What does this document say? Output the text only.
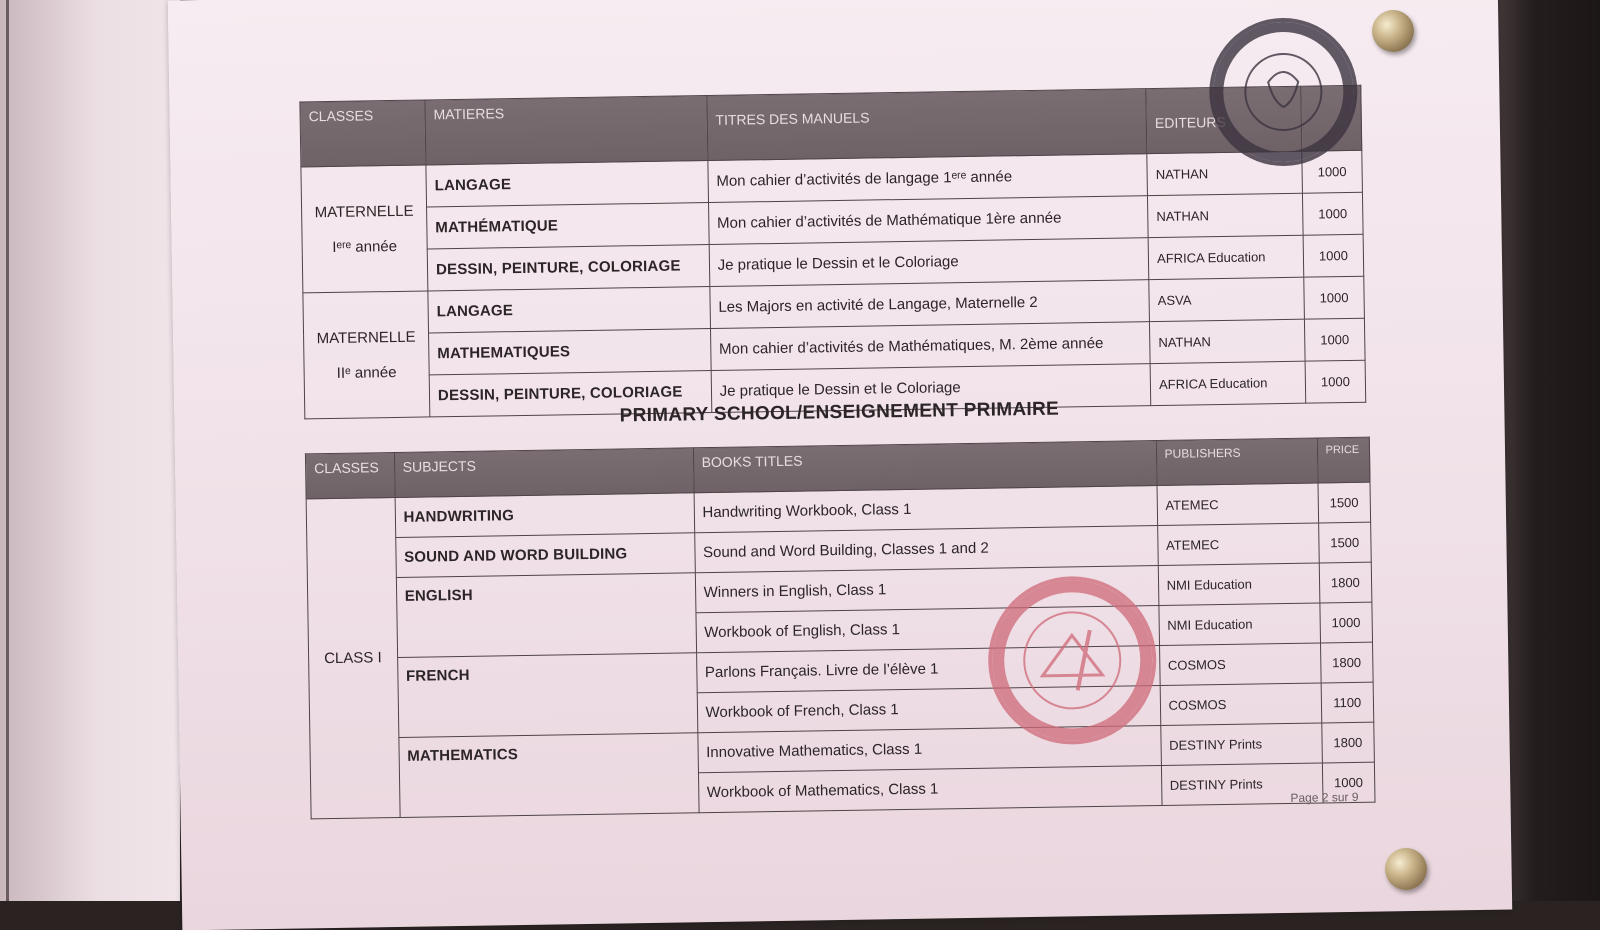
CLASSES	MATIERES	TITRES DES MANUELS	EDITEURS	

MATERNELLE
Iᵉʳᵉ année	LANGAGE	Mon cahier d’activités de langage 1ᵉʳᵉ année	NATHAN	1000
	MATHÉMATIQUE	Mon cahier d’activités de Mathématique 1ère année	NATHAN	1000
	DESSIN, PEINTURE, COLORIAGE	Je pratique le Dessin et le Coloriage	AFRICA Education	1000

MATERNELLE
IIᵉ année	LANGAGE	Les Majors en activité de Langage, Maternelle 2	ASVA	1000
	MATHEMATIQUES	Mon cahier d’activités de Mathématiques, M. 2ème année	NATHAN	1000
	DESSIN, PEINTURE, COLORIAGE	Je pratique le Dessin et le Coloriage	AFRICA Education	1000
PRIMARY SCHOOL/ENSEIGNEMENT PRIMAIRE
CLASSES	SUBJECTS	BOOKS TITLES	PUBLISHERS	PRICE
CLASS I	HANDWRITING	Handwriting Workbook, Class 1	ATEMEC	1500
	SOUND AND WORD BUILDING	Sound and Word Building, Classes 1 and 2	ATEMEC	1500
	ENGLISH	Winners in English, Class 1	NMI Education	1800
		Workbook of English, Class 1	NMI Education	1000
	FRENCH	Parlons Français. Livre de l’élève 1	COSMOS	1800
		Workbook of French, Class 1	COSMOS	1100
	MATHEMATICS	Innovative Mathematics, Class 1	DESTINY Prints	1800
		Workbook of Mathematics, Class 1	DESTINY Prints	1000
Page 2 sur 9
